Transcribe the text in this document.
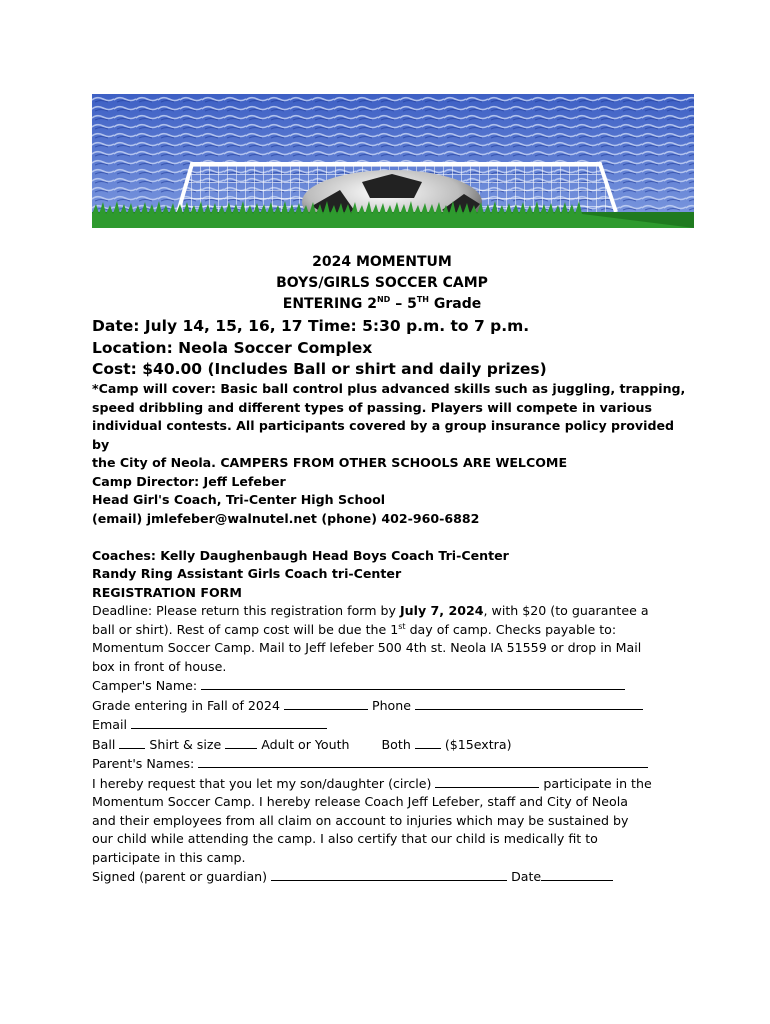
2024 MOMENTUM
BOYS/GIRLS SOCCER CAMP
ENTERING 2ND – 5TH Grade
Date: July 14, 15, 16, 17 Time: 5:30 p.m. to 7 p.m.
Location: Neola Soccer Complex
Cost: $40.00 (Includes Ball or shirt and daily prizes)

*Camp will cover: Basic ball control plus advanced skills such as juggling, trapping,

speed dribbling and different types of passing. Players will compete in various

individual contests. All participants covered by a group insurance policy provided by

the City of Neola. CAMPERS FROM OTHER SCHOOLS ARE WELCOME

Camp Director: Jeff Lefeber

Head Girl's Coach, Tri-Center High School

(email) jmlefeber@walnutel.net (phone) 402-960-6882

Coaches: Kelly Daughenbaugh Head Boys Coach Tri-Center

Randy Ring Assistant Girls Coach tri-Center

REGISTRATION FORM

Deadline: Please return this registration form by July 7, 2024, with $20 (to guarantee a

ball or shirt). Rest of camp cost will be due the 1st day of camp. Checks payable to:

Momentum Soccer Camp. Mail to Jeff lefeber 500 4th st. Neola IA 51559 or drop in Mail

box in front of house.

Camper's Name:

Grade entering in Fall of 2024	Phone

Email

Ball  Shirt & size	Adult or Youth	Both  ($15extra)

Parent's Names:

I hereby request that you let my son/daughter (circle)	participate in the

Momentum Soccer Camp. I hereby release Coach Jeff Lefeber, staff and City of Neola

and their employees from all claim on account to injuries which may be sustained by

our child while attending the camp. I also certify that our child is medically fit to

participate in this camp.

Signed (parent or guardian)	Date
